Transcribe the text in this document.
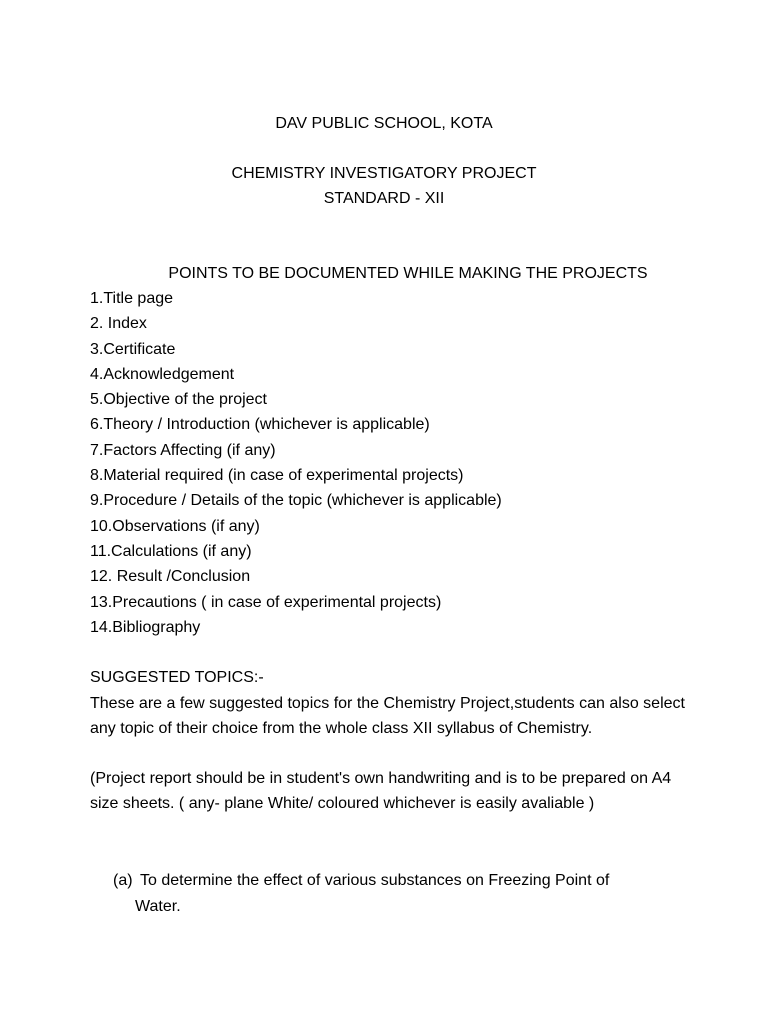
DAV PUBLIC SCHOOL, KOTA
CHEMISTRY INVESTIGATORY PROJECT
STANDARD - XII
POINTS TO BE DOCUMENTED WHILE MAKING THE PROJECTS
1.Title page
2. Index
3.Certificate
4.Acknowledgement
5.Objective of the project
6.Theory / Introduction (whichever is applicable)
7.Factors Affecting (if any)
8.Material required (in case of experimental projects)
9.Procedure / Details of the topic (whichever is applicable)
10.Observations (if any)
11.Calculations (if any)
12. Result /Conclusion
13.Precautions ( in case of experimental projects)
14.Bibliography
SUGGESTED TOPICS:-
These are a few suggested topics for the Chemistry Project,students can also select any topic of their choice from the whole class XII syllabus of Chemistry.
(Project report should be in student's own handwriting and is to be prepared on A4 size sheets. ( any- plane White/ coloured whichever is easily avaliable )
(a) To determine the effect of various substances on Freezing Point of
Water.
